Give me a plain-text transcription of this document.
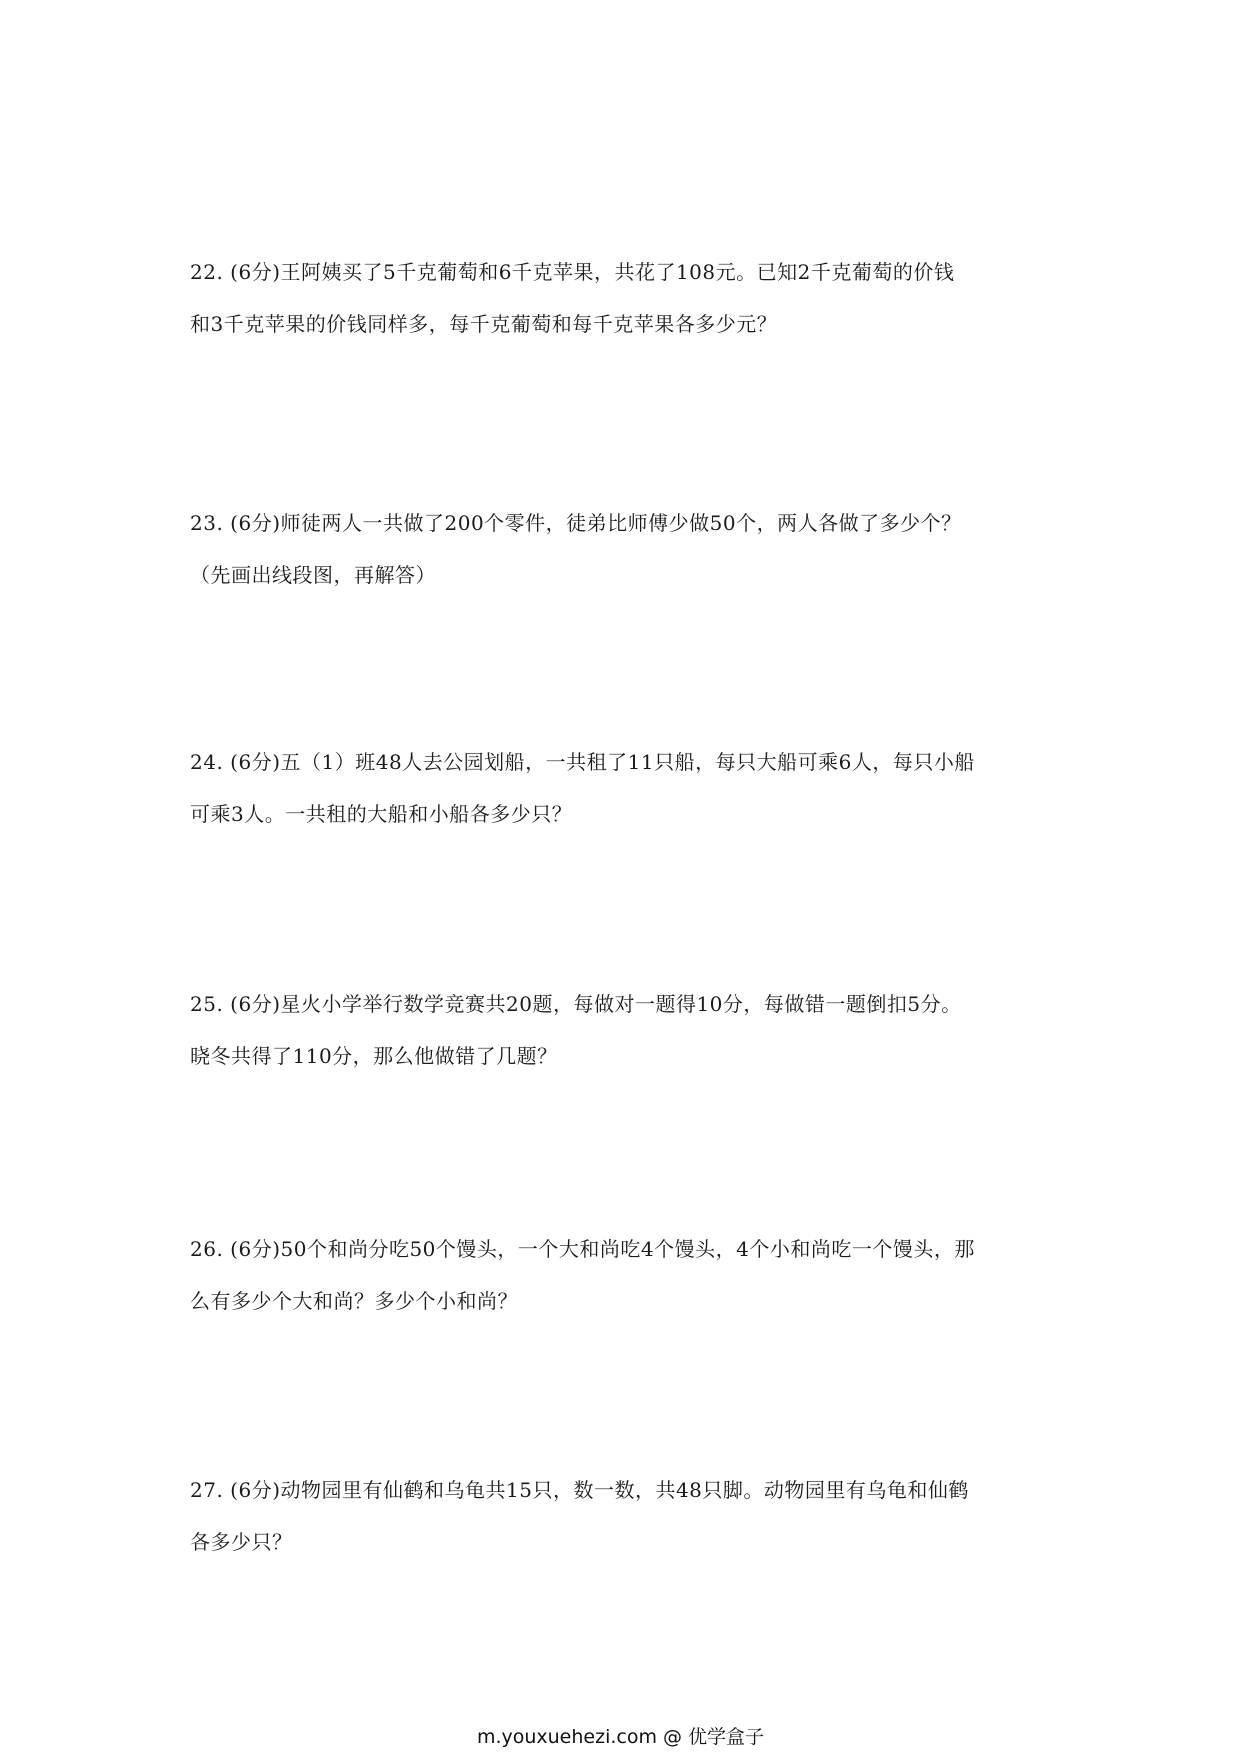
22. (6分)王阿姨买了5千克葡萄和6千克苹果，共花了108元。已知2千克葡萄的价钱
和3千克苹果的价钱同样多，每千克葡萄和每千克苹果各多少元？
23. (6分)师徒两人一共做了200个零件，徒弟比师傅少做50个，两人各做了多少个？
（先画出线段图，再解答）
24. (6分)五（1）班48人去公园划船，一共租了11只船，每只大船可乘6人，每只小船
可乘3人。一共租的大船和小船各多少只？
25. (6分)星火小学举行数学竞赛共20题，每做对一题得10分，每做错一题倒扣5分。
晓冬共得了110分，那么他做错了几题？
26. (6分)50个和尚分吃50个馒头，一个大和尚吃4个馒头，4个小和尚吃一个馒头，那
么有多少个大和尚？多少个小和尚？
27. (6分)动物园里有仙鹤和乌龟共15只，数一数，共48只脚。动物园里有乌龟和仙鹤
各多少只？
m.youxuehezi.com @ 优学盒子
